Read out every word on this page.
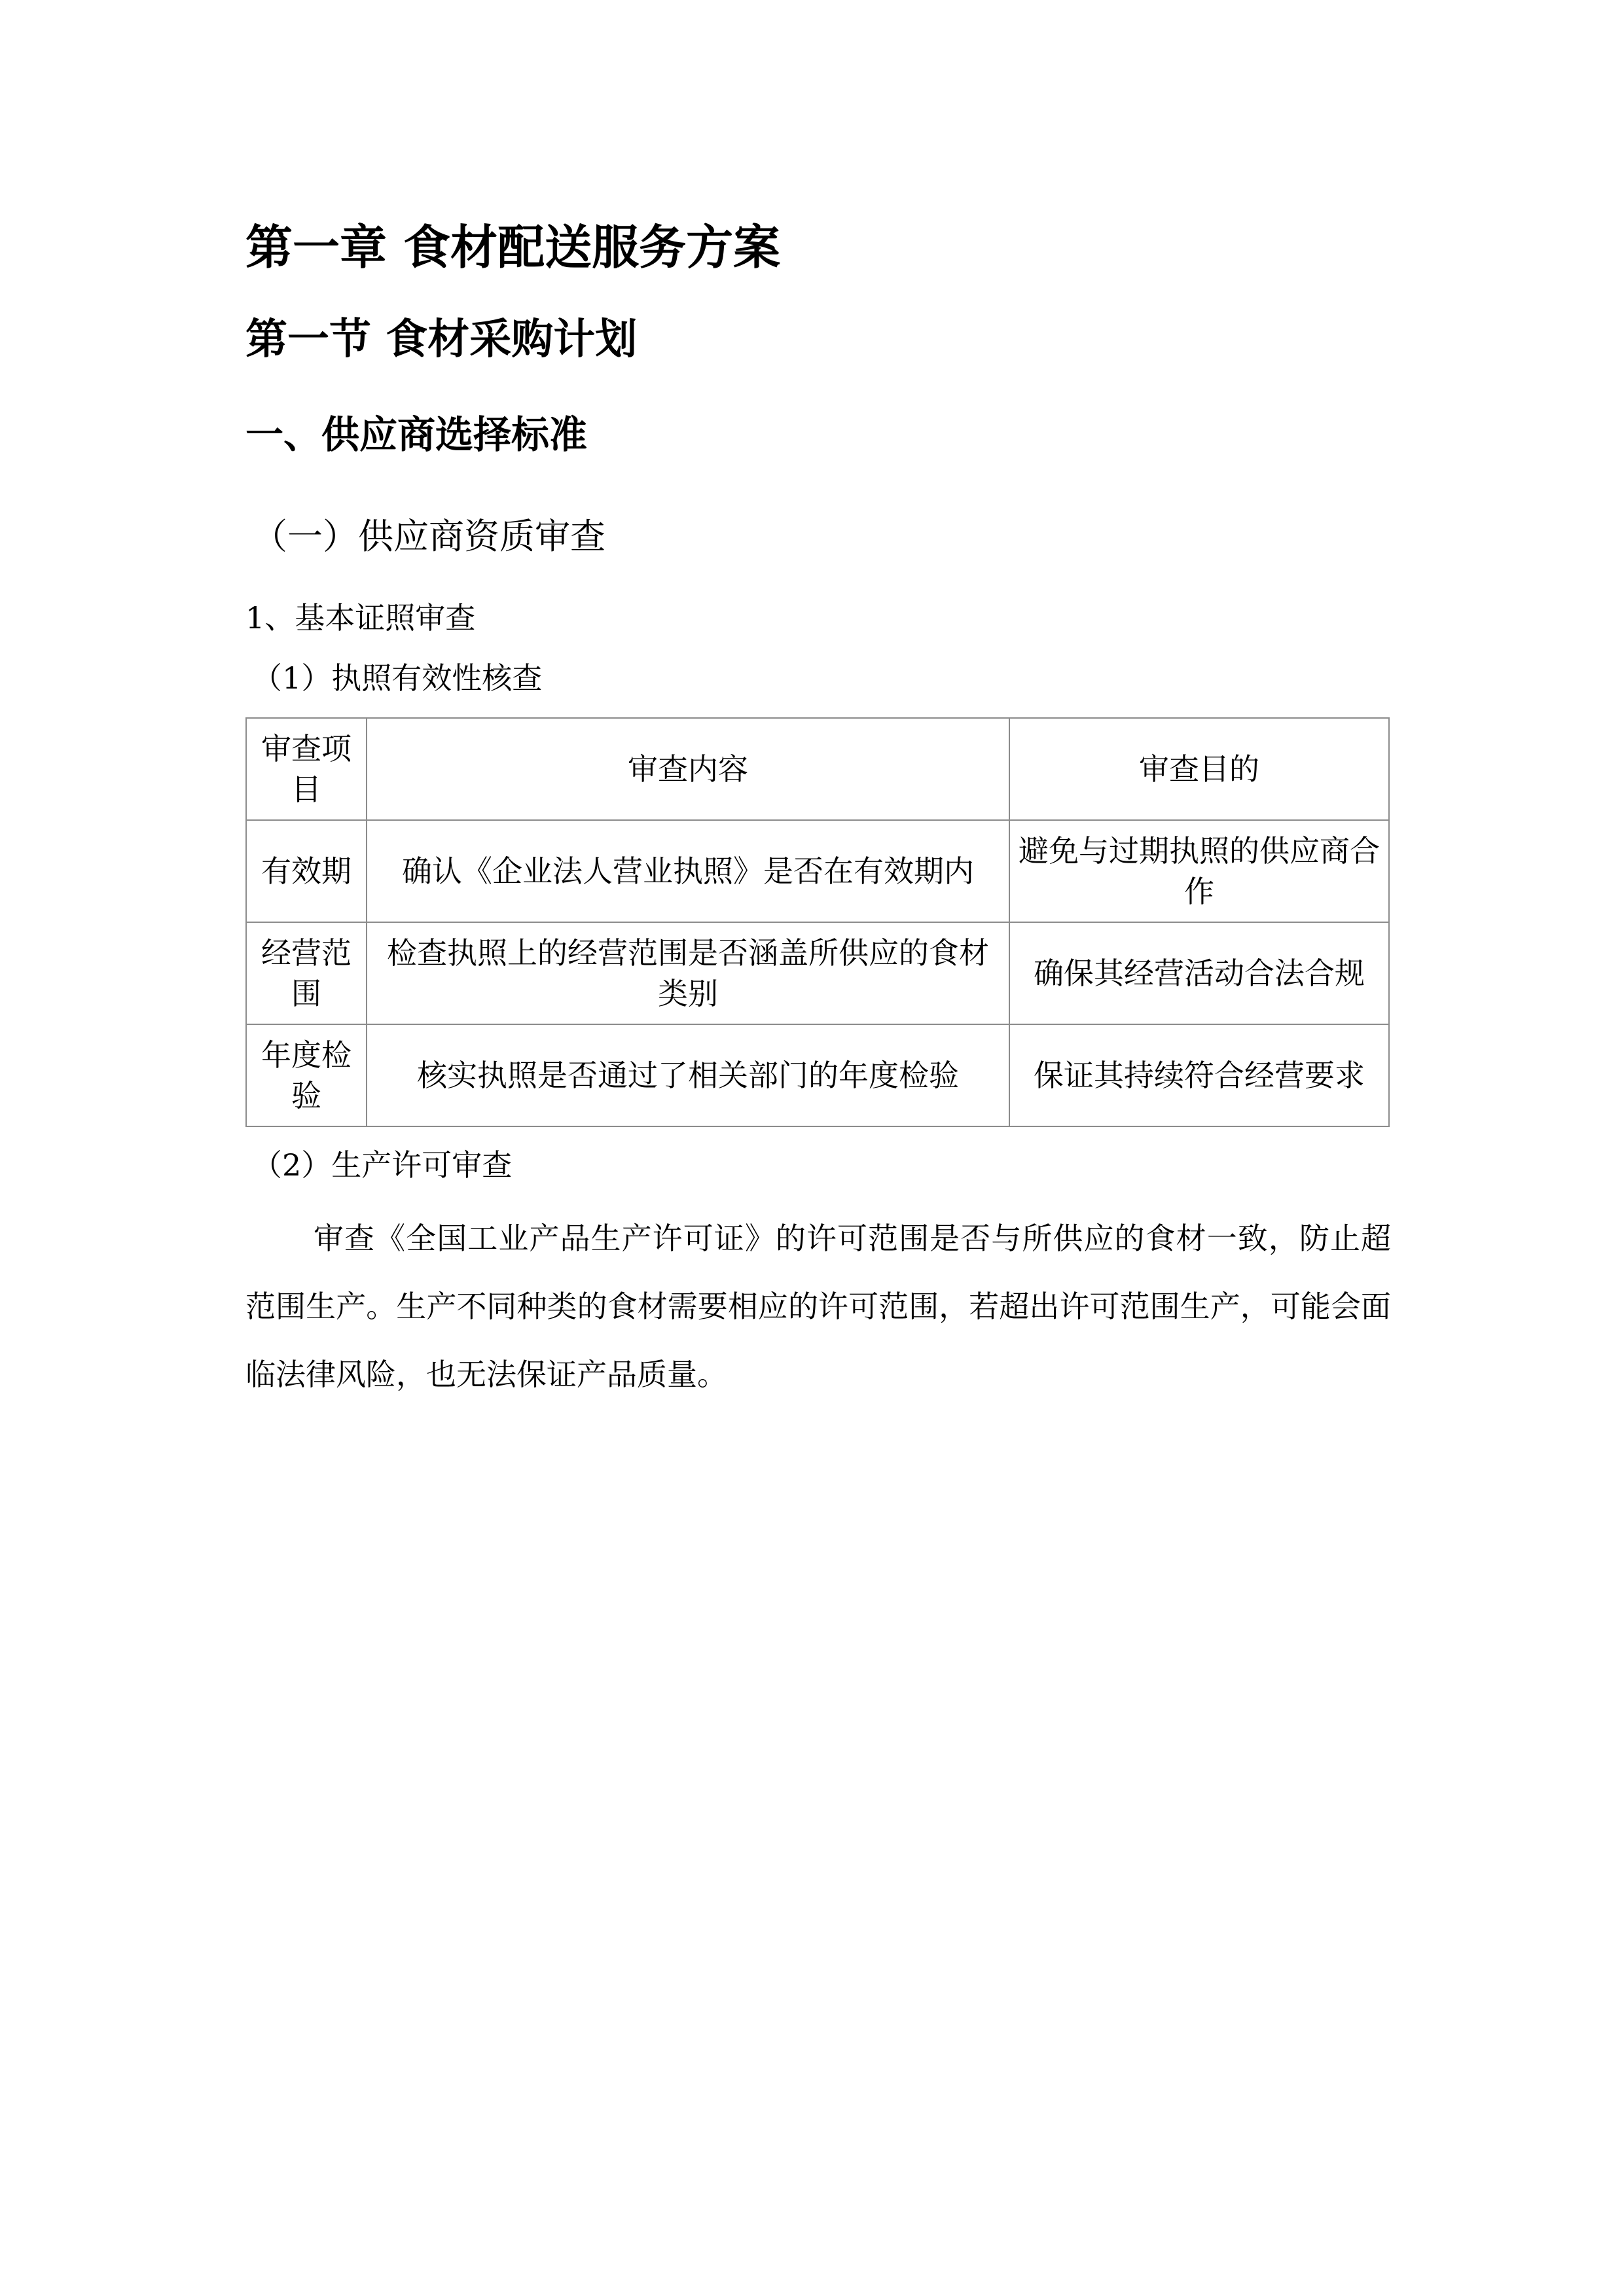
第一章 食材配送服务方案
第一节 食材采购计划
一、供应商选择标准
（一）供应商资质审查
1、基本证照审查
（1）执照有效性核查
审查项目	审查内容	审查目的
有效期	确认《企业法人营业执照》是否在有效期内	避免与过期执照的供应商合作
经营范围	检查执照上的经营范围是否涵盖所供应的食材类别	确保其经营活动合法合规
年度检验	核实执照是否通过了相关部门的年度检验	保证其持续符合经营要求
（2）生产许可审查
审查《全国工业产品生产许可证》的许可范围是否与所供应的食材一致，防止超范围生产。生产不同种类的食材需要相应的许可范围，若超出许可范围生产，可能会面临法律风险，也无法保证产品质量。
